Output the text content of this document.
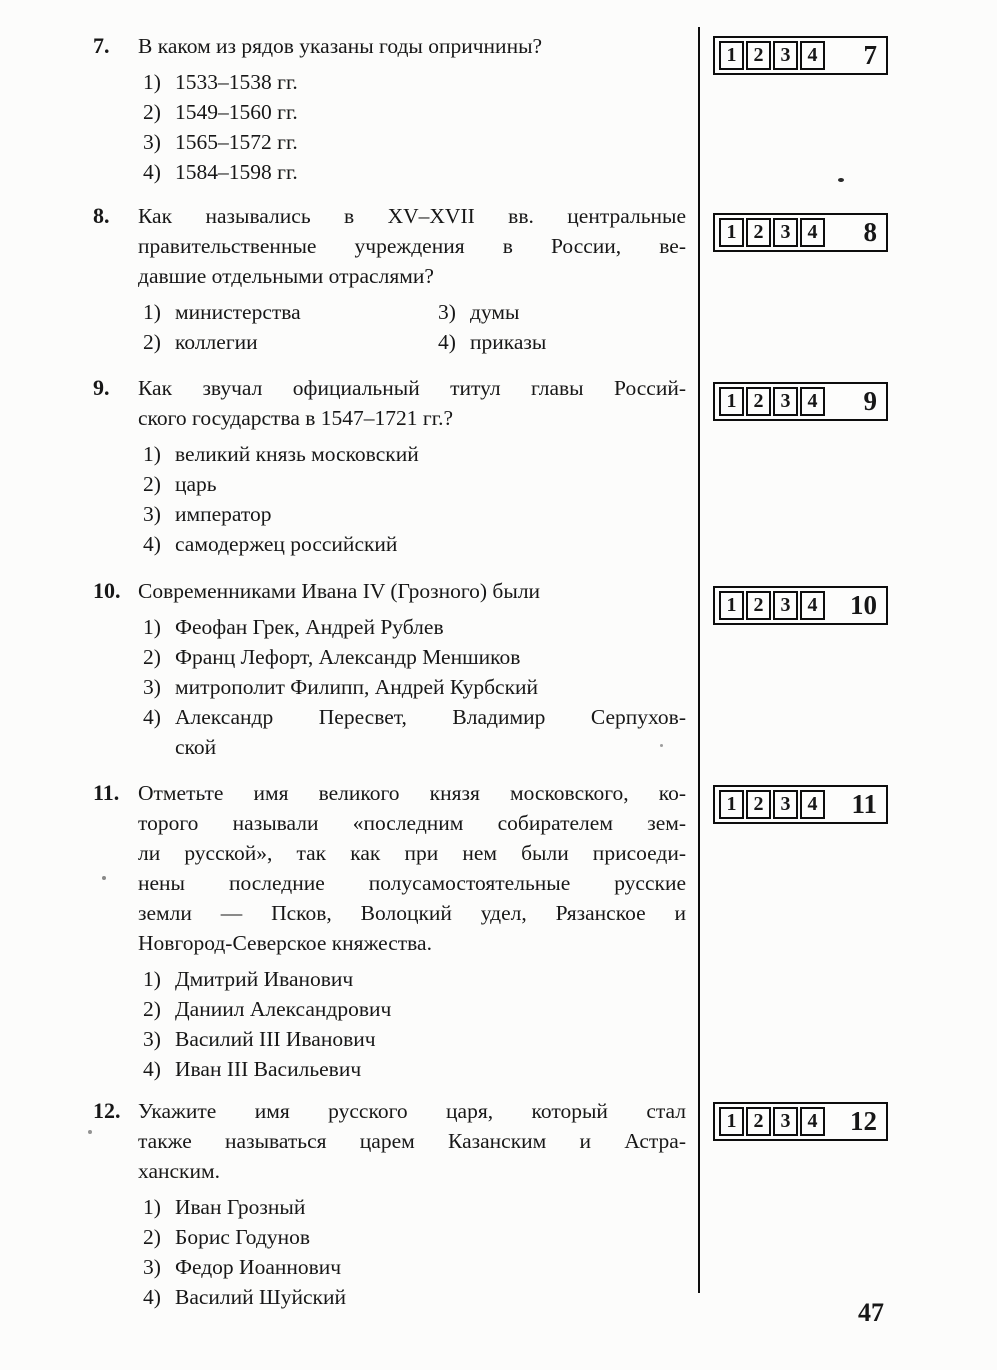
7. В каком из рядов указаны годы опричнины?
1) 1533–1538 гг.
2) 1549–1560 гг.
3) 1565–1572 гг.
4) 1584–1598 гг.
8. Как назывались в XV–XVII вв. центральные
правительственные учреждения в России, ве-
давшие отдельными отраслями?
1) министерства	3) думы
2) коллегии	4) приказы
9. Как звучал официальный титул главы Россий-
ского государства в 1547–1721 гг.?
1) великий князь московский
2) царь
3) император
4) самодержец российский
10. Современниками Ивана IV (Грозного) были
1) Феофан Грек, Андрей Рублев
2) Франц Лефорт, Александр Меншиков
3) митрополит Филипп, Андрей Курбский
4) Александр Пересвет, Владимир Серпухов-
ской
11. Отметьте имя великого князя московского, ко-
торого называли «последним собирателем зем-
ли русской», так как при нем были присоеди-
нены последние полусамостоятельные русские
земли — Псков, Волоцкий удел, Рязанское и
Новгород-Северское княжества.
1) Дмитрий Иванович
2) Даниил Александрович
3) Василий III Иванович
4) Иван III Васильевич
12. Укажите имя русского царя, который стал
также называться царем Казанским и Астра-
ханским.
1) Иван Грозный
2) Борис Годунов
3) Федор Иоаннович
4) Василий Шуйский
1 2 3 4 7
1 2 3 4 8
1 2 3 4 9
1 2 3 4 10
1 2 3 4 11
1 2 3 4 12
47
